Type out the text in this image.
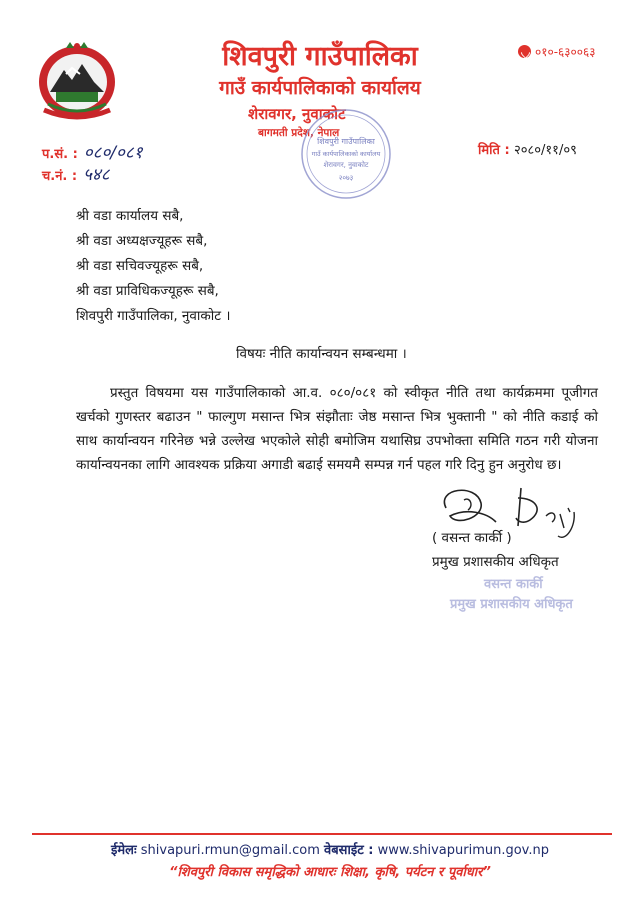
शिवपुरी गाउँपालिका
गाउँ कार्यपालिकाको कार्यालय
शेरावगर, नुवाकोट
बागमती प्रदेश, नेपाल
०१०-६३००६३
शिवपुरी गाउँपालिका
गाउँ कार्यपालिकाको कार्यालय
शेरावगर, नुवाकोट
२०७३
प.सं. : ०८०/०८१
च.नं. : ५४८
मिति : २०८०/११/०९
श्री वडा कार्यालय सबै,
श्री वडा अध्यक्षज्यूहरू सबै,
श्री वडा सचिवज्यूहरू सबै,
श्री वडा प्राविधिकज्यूहरू सबै,
शिवपुरी गाउँपालिका, नुवाकोट ।
विषयः नीति कार्यान्वयन सम्बन्धमा ।
प्रस्तुत विषयमा यस गाउँपालिकाको आ.व. ०८०/०८१ को स्वीकृत नीति तथा कार्यक्रममा पूजीगत खर्चको गुणस्तर बढाउन " फाल्गुण मसान्त भित्र संझौताः जेष्ठ मसान्त भित्र भुक्तानी " को नीति कडाई को साथ कार्यान्वयन गरिनेछ भन्ने उल्लेख भएकोले सोही बमोजिम यथासिघ्र उपभोक्ता समिति गठन गरी योजना कार्यान्वयनका लागि आवश्यक प्रक्रिया अगाडी बढाई समयमै सम्पन्न गर्न पहल गरि दिनु हुन अनुरोध छ।
( वसन्त कार्की )
प्रमुख प्रशासकीय अधिकृत
वसन्त कार्की
प्रमुख प्रशासकीय अधिकृत
ईमेलः shivapuri.rmun@gmail.com वेबसाईट : www.shivapurimun.gov.np
“शिवपुरी विकास समृद्धिको आधारः शिक्षा, कृषि, पर्यटन र पूर्वाधार”
